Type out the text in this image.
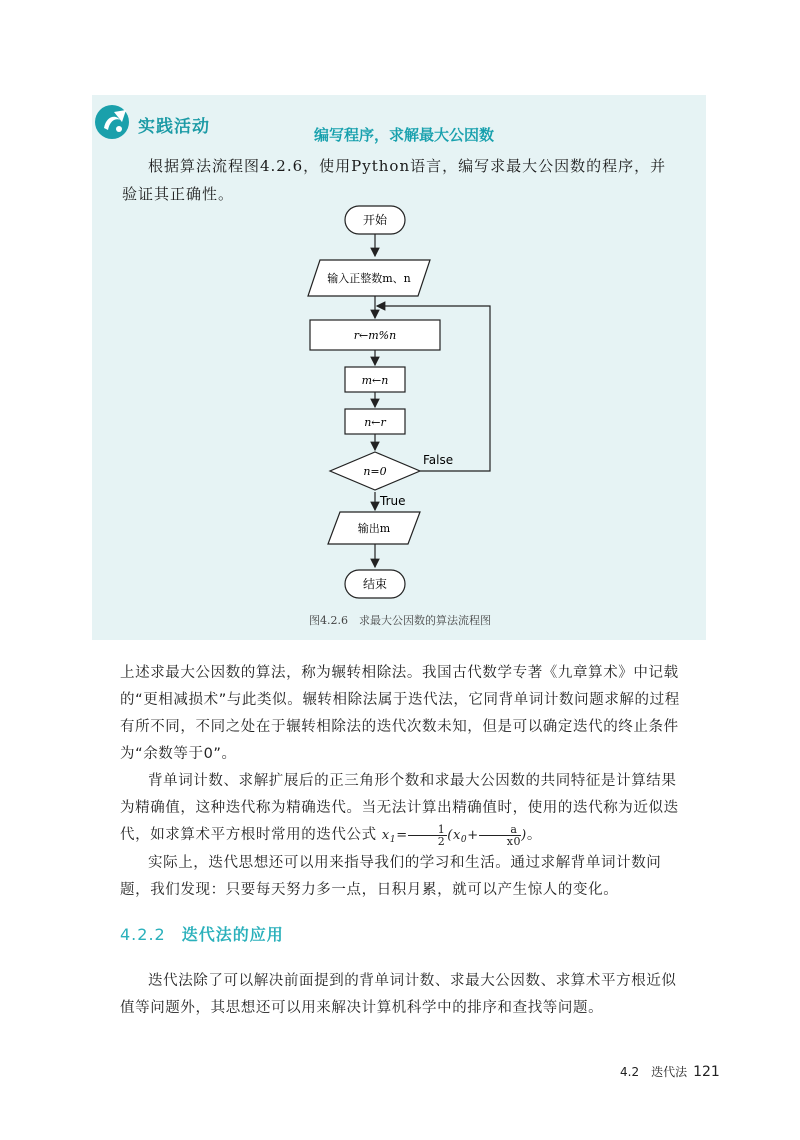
实践活动	编写程序，求解最大公因数
根据算法流程图4.2.6，使用Python语言，编写求最大公因数的程序，并验证其正确性。
开始
输入正整数m、n
r←m%n
m←n
n←r
n=0
False
True
输出m
结束
图4.2.6　求最大公因数的算法流程图
上述求最大公因数的算法，称为辗转相除法。我国古代数学专著《九章算术》中记载的“更相减损术”与此类似。辗转相除法属于迭代法，它同背单词计数问题求解的过程有所不同，不同之处在于辗转相除法的迭代次数未知，但是可以确定迭代的终止条件为“余数等于0”。
背单词计数、求解扩展后的正三角形个数和求最大公因数的共同特征是计算结果为精确值，这种迭代称为精确迭代。当无法计算出精确值时，使用的迭代称为近似迭代，如求算术平方根时常用的迭代公式 $x_1= \frac{1}{2} (x_0+ \frac{a}{x0}$ )。
实际上，迭代思想还可以用来指导我们的学习和生活。通过求解背单词计数问题，我们发现：只要每天努力多一点，日积月累，就可以产生惊人的变化。
4.2.2 迭代法的应用
迭代法除了可以解决前面提到的背单词计数、求最大公因数、求算术平方根近似值等问题外，其思想还可以用来解决计算机科学中的排序和查找等问题。
4.2　迭代法 121
